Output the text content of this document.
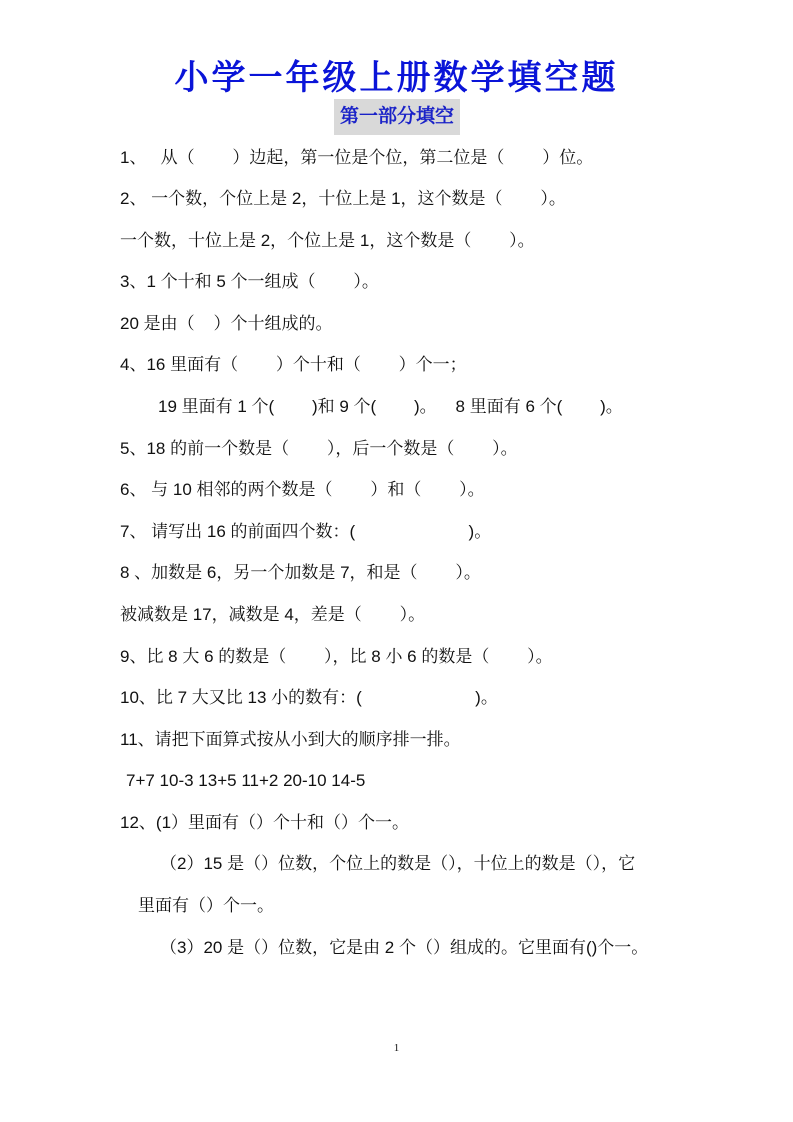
小学一年级上册数学填空题
第一部分填空
1、   从（        ）边起，第一位是个位，第二位是（        ）位。
2、 一个数，个位上是 2，十位上是 1，这个数是（        ）。
一个数，十位上是 2，个位上是 1，这个数是（        ）。
3、1 个十和 5 个一组成（        ）。
20 是由（    ）个十组成的。
4、16 里面有（        ）个十和（        ）个一；
19 里面有 1 个(        )和 9 个(        )。    8 里面有 6 个(        )。
5、18 的前一个数是（        ），后一个数是（        ）。
6、 与 10 相邻的两个数是（        ）和（        ）。
7、 请写出 16 的前面四个数：(                        )。
8 、加数是 6，另一个加数是 7，和是（        ）。
被减数是 17，减数是 4，差是（        ）。
9、比 8 大 6 的数是（        ），比 8 小 6 的数是（        ）。
10、比 7 大又比 13 小的数有：(                        )。
11、请把下面算式按从小到大的顺序排一排。
7+7 10-3 13+5 11+2 20-10 14-5
12、(1）里面有（）个十和（）个一。
（2）15 是（）位数，个位上的数是（），十位上的数是（），它
里面有（）个一。
（3）20 是（）位数，它是由 2 个（）组成的。它里面有()个一。
1
